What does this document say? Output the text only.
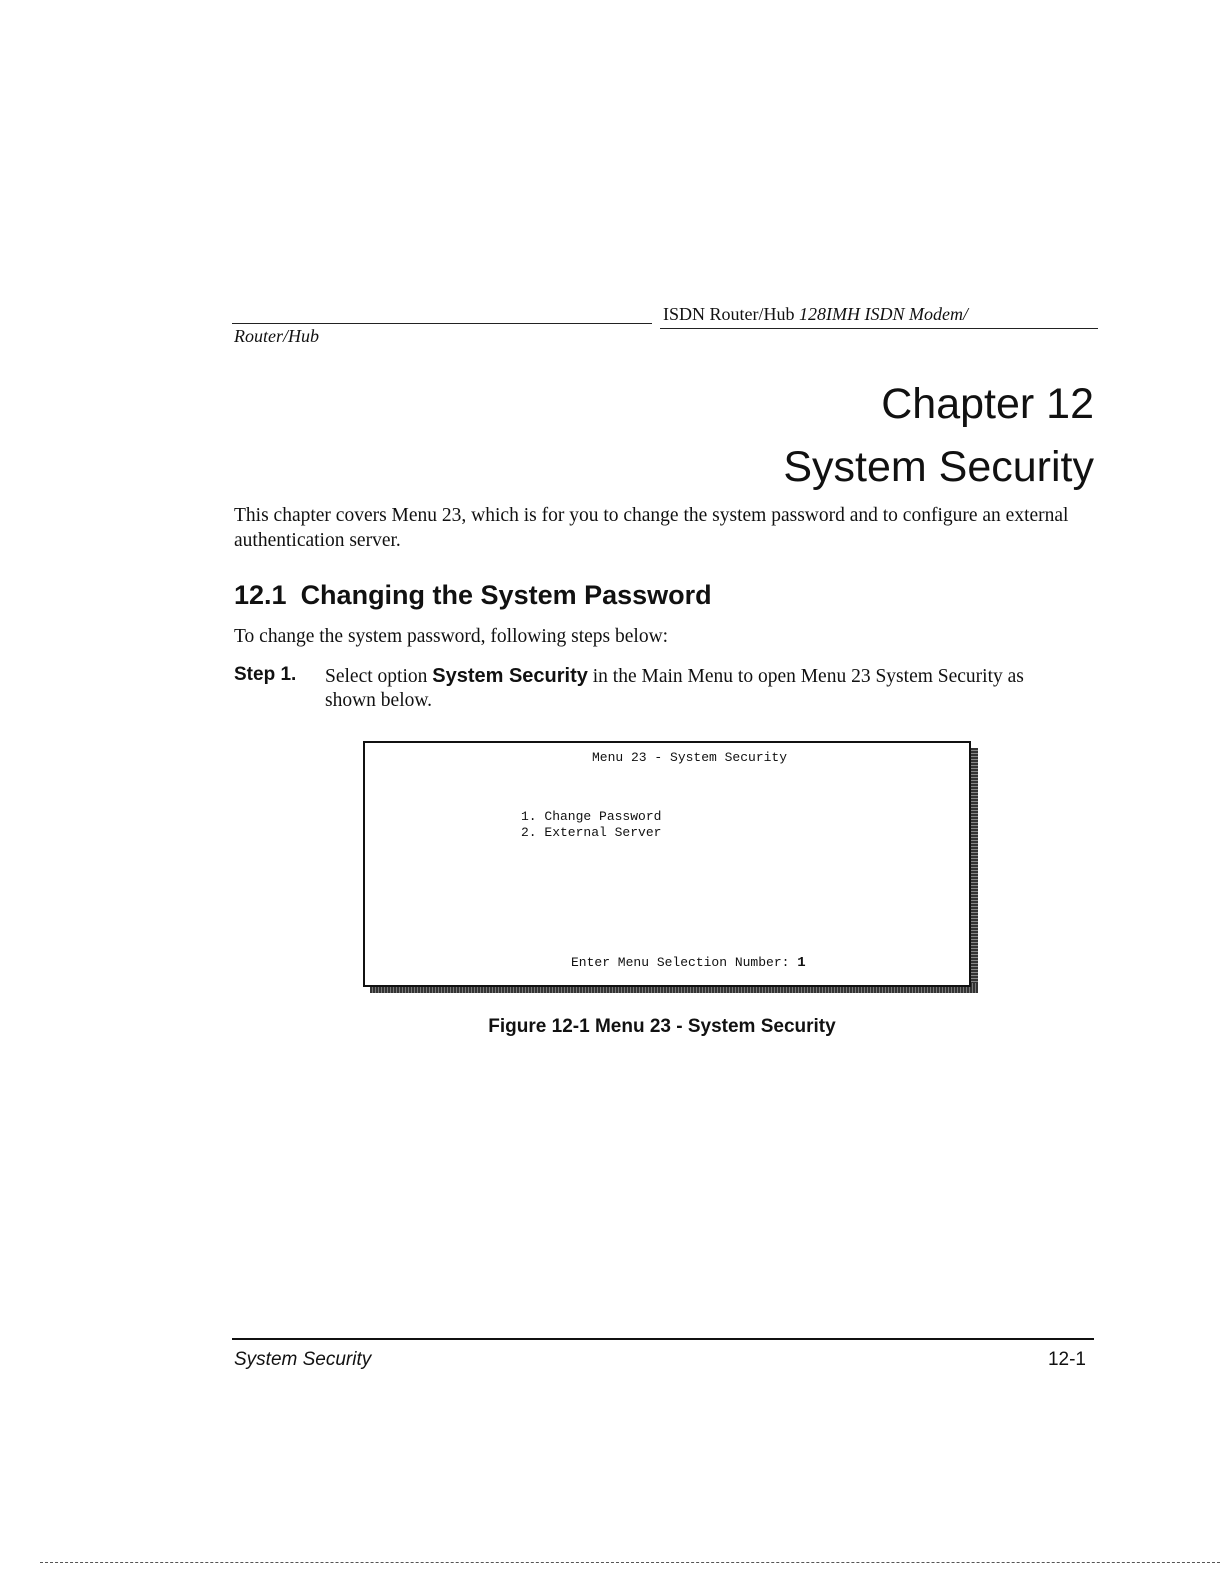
ISDN Router/Hub 128IMH ISDN Modem/
Router/Hub
Chapter 12
System Security
This chapter covers Menu 23, which is for you to change the system password and to configure an external authentication server.
12.1 Changing the System Password
To change the system password, following steps below:
Step 1. Select option System Security in the Main Menu to open Menu 23 System Security as shown below.
Menu 23 - System Security
1. Change Password
2. External Server
Enter Menu Selection Number: 1
Figure 12-1 Menu 23 - System Security
System Security	12-1
